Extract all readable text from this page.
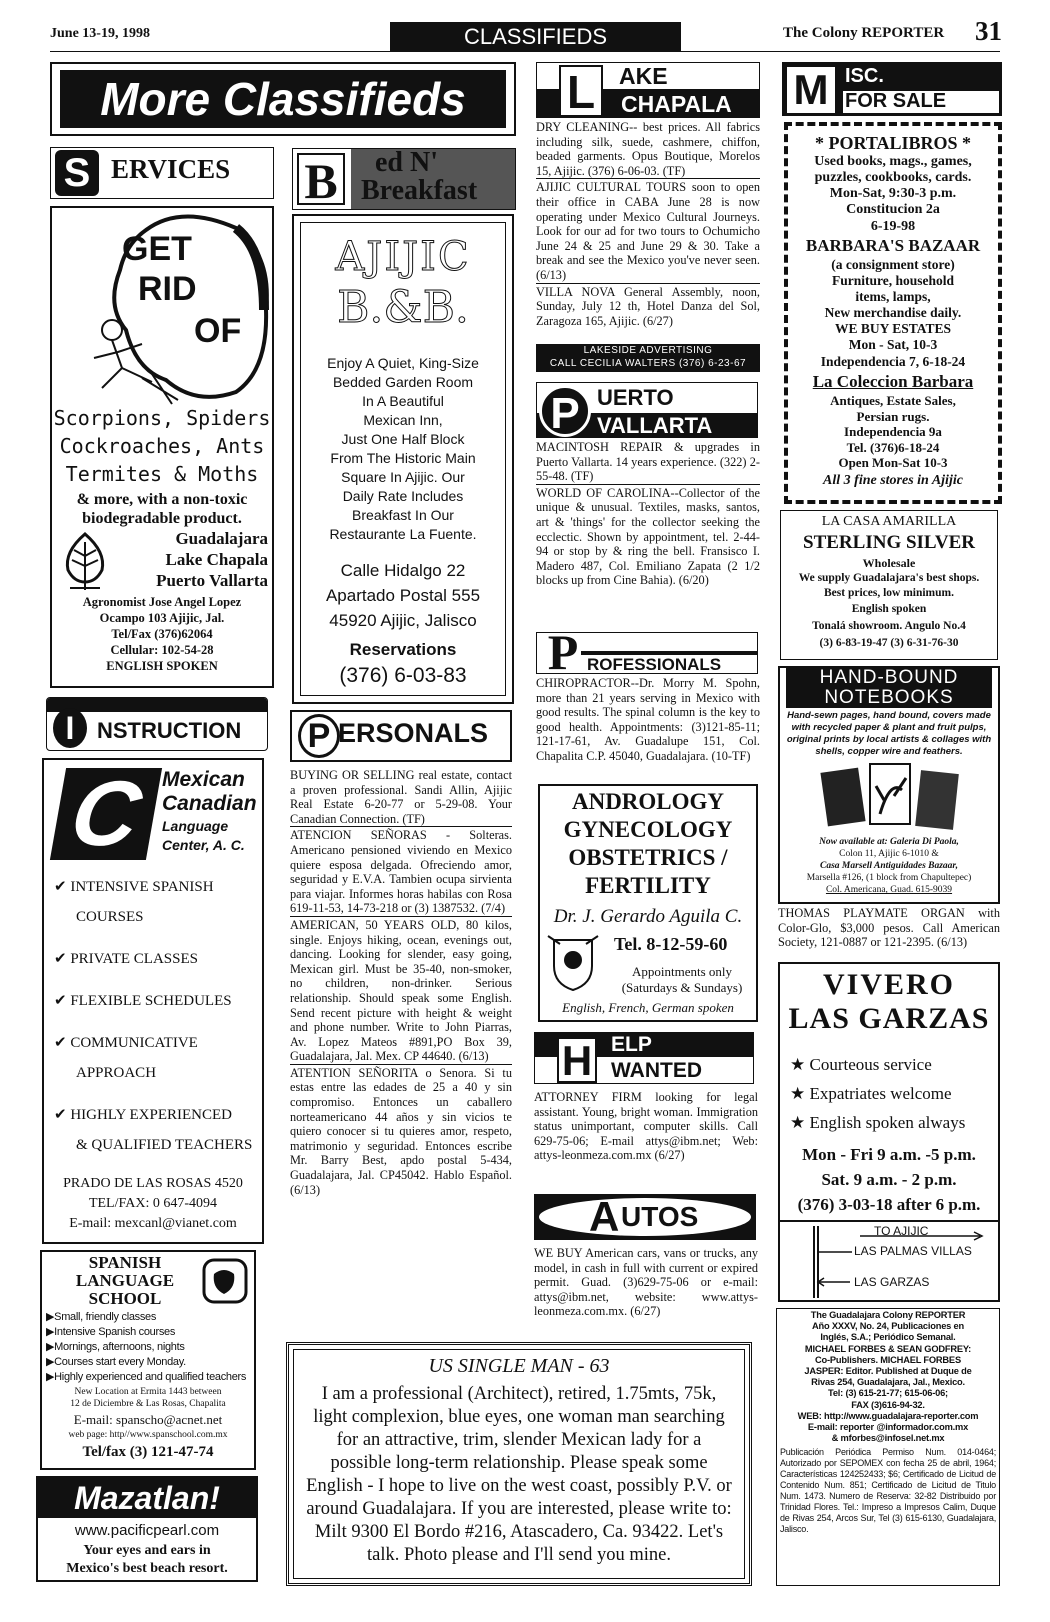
June 13-19, 1998	CLASSIFIEDS	The Colony REPORTER 31
More Classifieds
S ERVICES
GET
RID
OF
Scorpions, Spiders
Cockroaches, Ants
Termites & Moths
& more, with a non-toxic
biodegradable product.
Guadalajara
Lake Chapala
Puerto Vallarta
Agronomist Jose Angel Lopez
Ocampo 103 Ajijic, Jal.
Tel/Fax (376)62064
Cellular: 102-54-28
ENGLISH SPOKEN
I	NSTRUCTION
C Mexican
Canadian
Language
Center, A. C.
✔ INTENSIVE SPANISH
COURSES
✔ PRIVATE CLASSES
✔ FLEXIBLE SCHEDULES
✔ COMMUNICATIVE
APPROACH
✔ HIGHLY EXPERIENCED
& QUALIFIED TEACHERS
PRADO DE LAS ROSAS 4520
TEL/FAX: 0 647-4094
E-mail: mexcanl@vianet.com
SPANISH
LANGUAGE
SCHOOL
▶Small, friendly classes
▶Intensive Spanish courses
▶Mornings, afternoons, nights
▶Courses start every Monday.
▶Highly experienced and qualified teachers
New Location at Ermita 1443 between
12 de Diciembre & Las Rosas, Chapalita
E-mail: spanscho@acnet.net
web page: http//www.spanschool.com.mx
Tel/fax (3) 121-47-74
Mazatlan!
www.pacificpearl.com
Your eyes and ears in
Mexico's best beach resort.
B	ed N'
Breakfast
AJIJIC
B.&B.
Enjoy A Quiet, King-Size
Bedded Garden Room
In A Beautiful
Mexican Inn,
Just One Half Block
From The Historic Main
Square In Ajijic. Our
Daily Rate Includes
Breakfast In Our
Restaurante La Fuente.
Calle Hidalgo 22
Apartado Postal 555
45920 Ajijic, Jalisco
Reservations
(376) 6-03-83
P ERSONALS

BUYING OR SELLING real estate, contact a proven professional. Sandi Allin, Ajijic Real Estate 6-20-77 or 5-29-08. Your Canadian Connection. (TF)

ATENCION SEÑORAS - Solteras. Americano pensioned viviendo en Mexico quiere esposa delgada. Ofreciendo amor, seguridad y E.V.A. Tambien ocupa sirvienta para viajar. Informes horas habilas con Rosa 619-11-53, 14-73-218 or (3) 1387532. (7/4)

AMERICAN, 50 YEARS OLD, 80 kilos, single. Enjoys hiking, ocean, evenings out, dancing. Looking for slender, easy going, Mexican girl. Must be 35-40, non-smoker, no children, non-drinker. Serious relationship. Should speak some English. Send recent picture with height & weight and phone number. Write to John Piarras, Av. Lopez Mateos #891,PO Box 39, Guadalajara, Jal. Mex. CP 44640. (6/13)

ATENTION SEÑORITA o Senora. Si tu estas entre las edades de 25 a 40 y sin compromiso. Entonces un caballero norteamericano 44 años y sin vicios te quiero conocer si tu quieres amor, respeto, matrimonio y seguridad. Entonces escribe Mr. Barry Best, apdo postal 5-434, Guadalajara, Jal. CP45042. Hablo Español. (6/13)

L	AKE
CHAPALA

DRY CLEANING-- best prices. All fabrics including silk, suede, cashmere, chiffon, beaded garments. Opus Boutique, Morelos 15, Ajijic. (376) 6-06-03. (TF)

AJIJIC CULTURAL TOURS soon to open their office in CABA June 28 is now operating under Mexico Cultural Journeys. Look for our ad for two tours to Ochumicho June 24 & 25 and June 29 & 30. Take a break and see the Mexico you've never seen. (6/13)

VILLA NOVA General Assembly, noon, Sunday, July 12 th, Hotel Danza del Sol, Zaragoza 165, Ajijic. (6/27)

LAKESIDE ADVERTISING
CALL CECILIA WALTERS (376) 6-23-67
P UERTO
VALLARTA

MACINTOSH REPAIR & upgrades in Puerto Vallarta. 14 years experience. (322) 2-55-48. (TF)

WORLD OF CAROLINA--Collector of the unique & unusual. Textiles, masks, santos, art & 'things' for the collector seeking the ecclectic. Shown by appointment, tel. 2-44-94 or stop by & ring the bell. Fransisco I. Madero 487, Col. Emiliano Zapata (2 1/2 blocks up from Cine Bahia). (6/20)

P ROFESSIONALS

CHIROPRACTOR--Dr. Morry M. Spohn, more than 21 years serving in Mexico with good results. The spinal column is the key to good health. Appointments: (3)121-85-11; 121-17-61, Av. Guadalupe 151, Col. Chapalita C.P. 45040, Guadalajara. (10-TF)

ANDROLOGY
GYNECOLOGY
OBSTETRICS /
FERTILITY
Dr. J. Gerardo Aguila C.
Tel. 8-12-59-60
Appointments only
(Saturdays & Sundays)
English, French, German spoken
H ELP
WANTED

ATTORNEY FIRM looking for legal assistant. Young, bright woman. Immigration status unimportant, computer skills. Call 629-75-06; E-mail attys@ibm.net; Web: attys-leonmeza.com.mx (6/27)

A UTOS

WE BUY American cars, vans or trucks, any model, in cash in full with current or expired permit. Guad. (3)629-75-06 or e-mail: attys@ibm.net, website: www.attys-leonmeza.com.mx. (6/27)

US SINGLE MAN - 63
I am a professional (Architect), retired, 1.75mts, 75k, light complexion, blue eyes, one woman man searching for an attractive, trim, slender Mexican lady for a possible long-term relationship. Please speak some English - I hope to live on the west coast, possibly P.V. or around Guadalajara. If you are interested, please write to: Milt 9300 El Bordo #216, Atascadero, Ca. 93422. Let's talk. Photo please and I'll send you mine.
M ISC.
FOR SALE
* PORTALIBROS *
Used books, mags., games,
puzzles, cookbooks, cards.
Mon-Sat, 9:30-3 p.m.
Constitucion 2a
6-19-98
BARBARA'S BAZAAR
(a consignment store)
Furniture, household
items, lamps,
New merchandise daily.
WE BUY ESTATES
Mon - Sat, 10-3
Independencia 7, 6-18-24
La Coleccion Barbara
Antiques, Estate Sales,
Persian rugs.
Independencia 9a
Tel. (376)6-18-24
Open Mon-Sat 10-3
All 3 fine stores in Ajijic
LA CASA AMARILLA
STERLING SILVER
Wholesale
We supply Guadalajara's best shops.
Best prices, low minimum.
English spoken
Tonalá showroom. Angulo No.4
(3) 6-83-19-47 (3) 6-31-76-30
HAND-BOUND
NOTEBOOKS
Hand-sewn pages, hand bound, covers made
with recycled paper & plant and fruit pulps,
original prints by local artists & collages with
shells, copper wire and feathers.
Now available at: Galeria Di Paola,
Colon 11, Ajijic 6-1010 &
Casa Marsell Antiguidades Bazaar,
Marsella #126, (1 block from Chapultepec)
Col. Americana, Guad. 615-9039

THOMAS PLAYMATE ORGAN with Color-Glo, $3,000 pesos. Call American Society, 121-0887 or 121-2395. (6/13)

VIVERO
LAS GARZAS
★ Courteous service
★ Expatriates welcome
★ English spoken always
Mon - Fri 9 a.m. -5 p.m.
Sat. 9 a.m. - 2 p.m.
(376) 3-03-18 after 6 p.m.
TO AJIJIC
LAS PALMAS VILLAS
LAS GARZAS
The Guadalajara Colony REPORTER
Año XXXV, No. 24, Publicaciones en
Inglés, S.A.; Periódico Semanal.
MICHAEL FORBES & SEAN GODFREY:
Co-Publishers. MICHAEL FORBES
JASPER: Editor. Published at Duque de
Rivas 254, Guadalajara, Jal., Mexico.
Tel: (3) 615-21-77; 615-06-06;
FAX (3)616-94-32.
WEB: http://www.guadalajara-reporter.com
E-mail: reporter @informador.com.mx
& mforbes@infosel.net.mx
Publicación Periódica Permiso Num. 014-0464; Autorizado por SEPOMEX con fecha 25 de abril, 1964; Características 124252433; $6; Certificado de Licitud de Contenido Num. 851; Certificado de Licitud de Titulo Num. 1473. Numero de Reserva: 32-82 Distribuido por Trinidad Flores. Tel.: Impreso a Impresos Calim, Duque de Rivas 254, Arcos Sur, Tel (3) 615-6130, Guadalajara, Jalisco.
